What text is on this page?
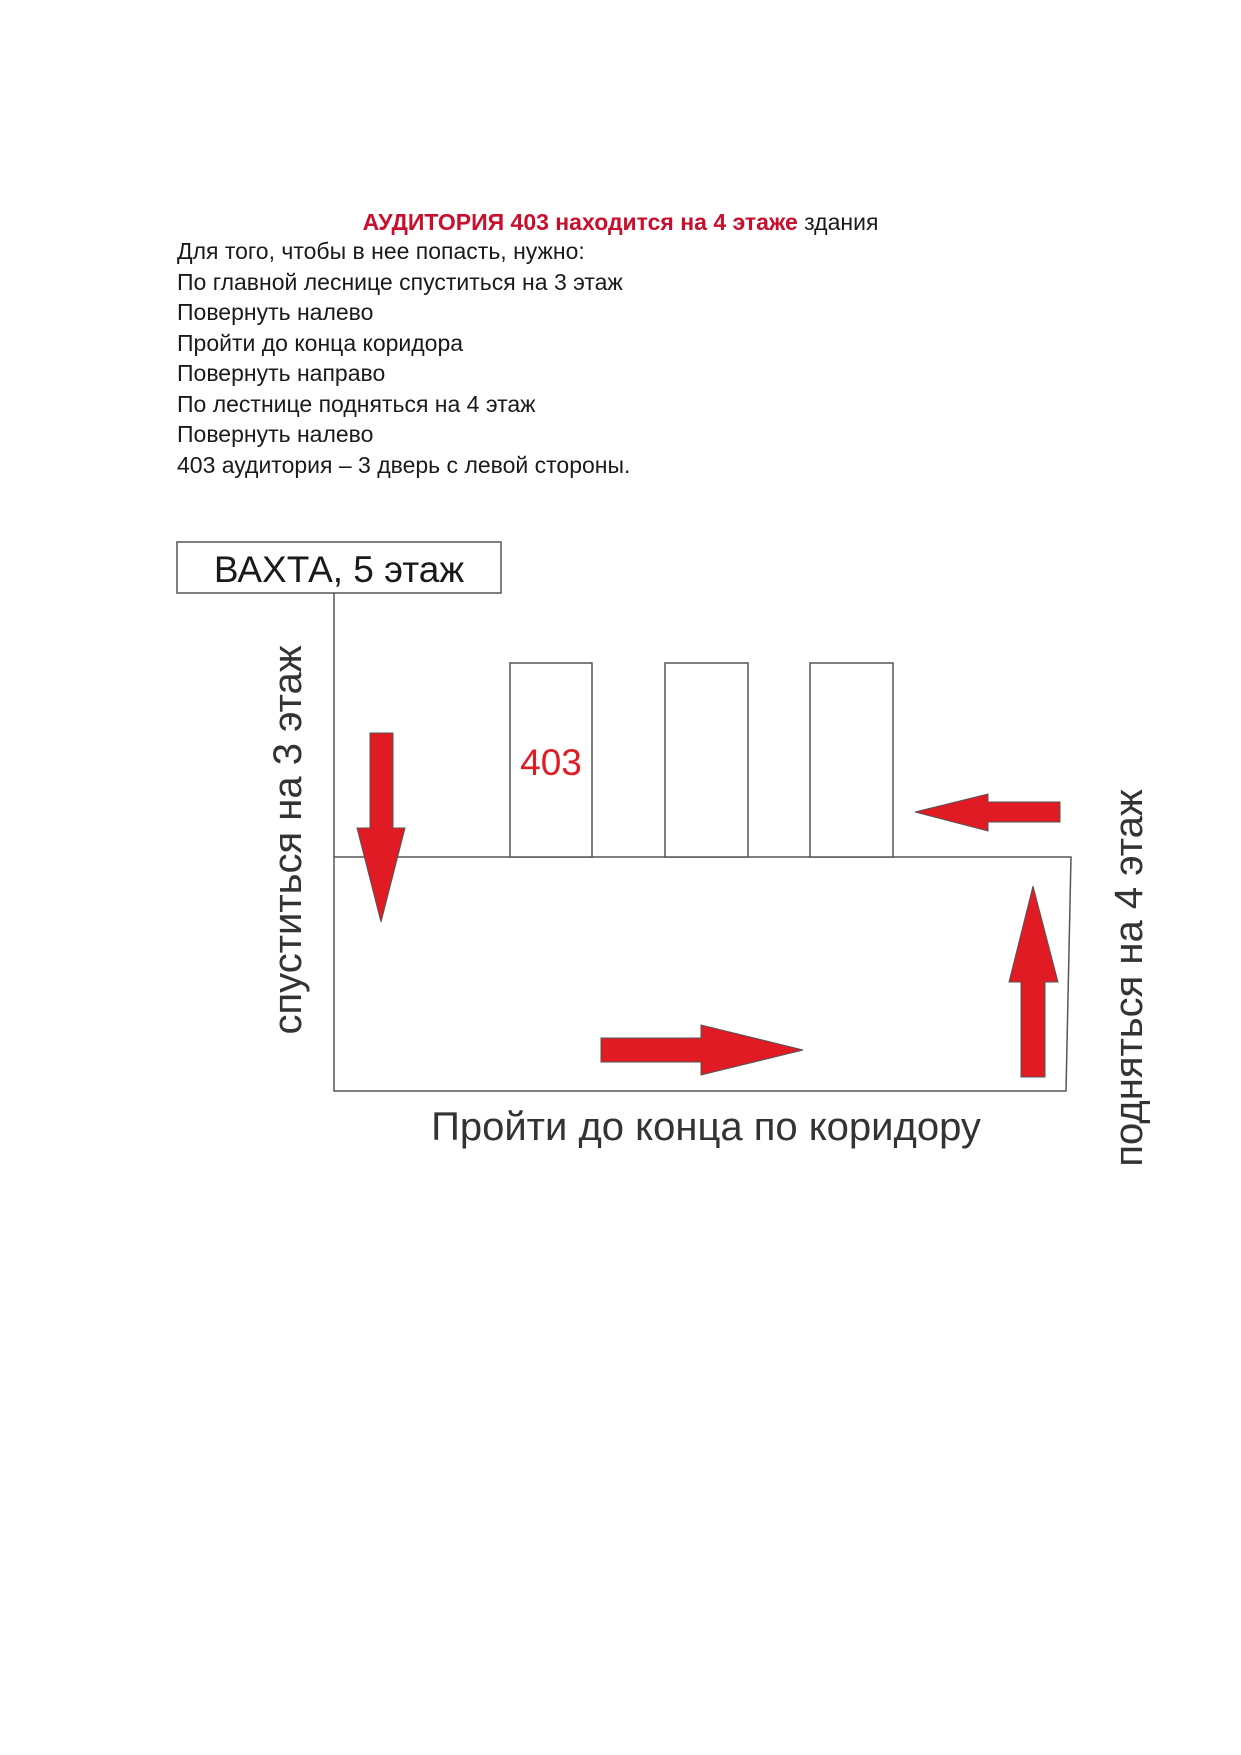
АУДИТОРИЯ 403 находится на 4 этаже здания
Для того, чтобы в нее попасть, нужно:
По главной леснице спуститься на 3 этаж
Повернуть налево
Пройти до конца коридора
Повернуть направо
По лестнице подняться на 4 этаж
Повернуть налево
403 аудитория – 3 дверь с левой стороны.
ВАХТА, 5 этаж
403
спуститься на 3 этаж	подняться на 4 этаж
Пройти до конца по коридору
